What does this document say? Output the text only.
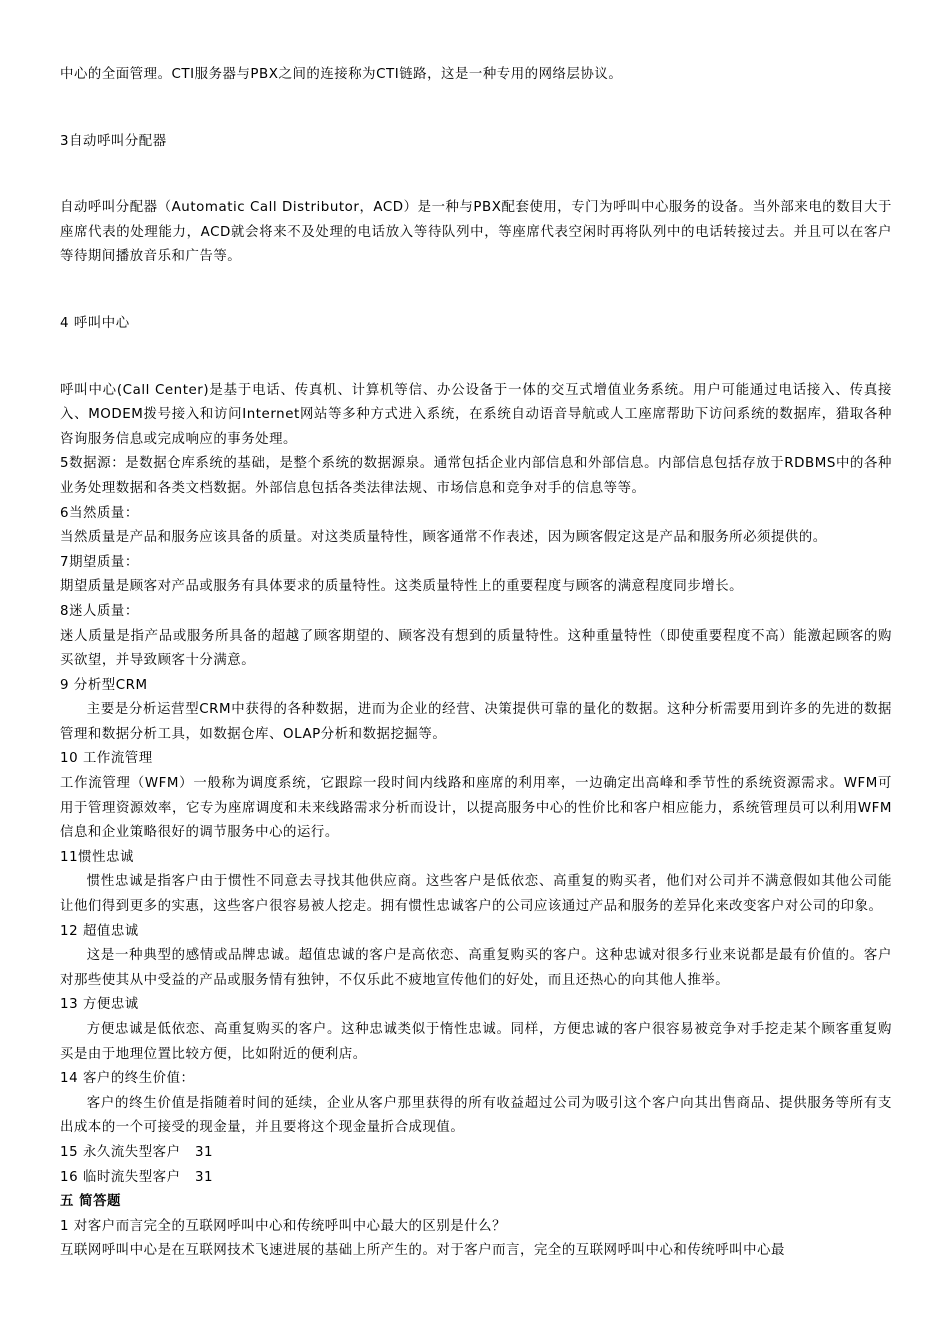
中心的全面管理。CTI服务器与PBX之间的连接称为CTI链路，这是一种专用的网络层协议。

3自动呼叫分配器

自动呼叫分配器（Automatic Call Distributor，ACD）是一种与PBX配套使用，专门为呼叫中心服务的设备。当外部来电的数目大于座席代表的处理能力，ACD就会将来不及处理的电话放入等待队列中，等座席代表空闲时再将队列中的电话转接过去。并且可以在客户等待期间播放音乐和广告等。

4 呼叫中心

呼叫中心(Call Center)是基于电话、传真机、计算机等信、办公设备于一体的交互式增值业务系统。用户可能通过电话接入、传真接入、MODEM拨号接入和访问Internet网站等多种方式进入系统，在系统自动语音导航或人工座席帮助下访问系统的数据库，猎取各种咨询服务信息或完成响应的事务处理。

5数据源：是数据仓库系统的基础，是整个系统的数据源泉。通常包括企业内部信息和外部信息。内部信息包括存放于RDBMS中的各种业务处理数据和各类文档数据。外部信息包括各类法律法规、市场信息和竞争对手的信息等等。

6当然质量：

当然质量是产品和服务应该具备的质量。对这类质量特性，顾客通常不作表述，因为顾客假定这是产品和服务所必须提供的。

7期望质量：

期望质量是顾客对产品或服务有具体要求的质量特性。这类质量特性上的重要程度与顾客的满意程度同步增长。

8迷人质量：

迷人质量是指产品或服务所具备的超越了顾客期望的、顾客没有想到的质量特性。这种重量特性（即使重要程度不高）能激起顾客的购买欲望，并导致顾客十分满意。

9 分析型CRM

主要是分析运营型CRM中获得的各种数据，进而为企业的经营、决策提供可靠的量化的数据。这种分析需要用到许多的先进的数据管理和数据分析工具，如数据仓库、OLAP分析和数据挖掘等。

10 工作流管理

工作流管理（WFM）一般称为调度系统，它跟踪一段时间内线路和座席的利用率，一边确定出高峰和季节性的系统资源需求。WFM可用于管理资源效率，它专为座席调度和未来线路需求分析而设计，以提高服务中心的性价比和客户相应能力，系统管理员可以利用WFM信息和企业策略很好的调节服务中心的运行。

11惯性忠诚

惯性忠诚是指客户由于惯性不同意去寻找其他供应商。这些客户是低依恋、高重复的购买者，他们对公司并不满意假如其他公司能让他们得到更多的实惠，这些客户很容易被人挖走。拥有惯性忠诚客户的公司应该通过产品和服务的差异化来改变客户对公司的印象。

12 超值忠诚

这是一种典型的感情或品牌忠诚。超值忠诚的客户是高依恋、高重复购买的客户。这种忠诚对很多行业来说都是最有价值的。客户对那些使其从中受益的产品或服务情有独钟，不仅乐此不疲地宣传他们的好处，而且还热心的向其他人推举。

13 方便忠诚

方便忠诚是低依恋、高重复购买的客户。这种忠诚类似于惰性忠诚。同样，方便忠诚的客户很容易被竞争对手挖走某个顾客重复购买是由于地理位置比较方便，比如附近的便利店。

14 客户的终生价值：

客户的终生价值是指随着时间的延续，企业从客户那里获得的所有收益超过公司为吸引这个客户向其出售商品、提供服务等所有支出成本的一个可接受的现金量，并且要将这个现金量折合成现值。

15 永久流失型客户   31

16 临时流失型客户   31

五 简答题

1 对客户而言完全的互联网呼叫中心和传统呼叫中心最大的区别是什么？

互联网呼叫中心是在互联网技术飞速进展的基础上所产生的。对于客户而言，完全的互联网呼叫中心和传统呼叫中心最
